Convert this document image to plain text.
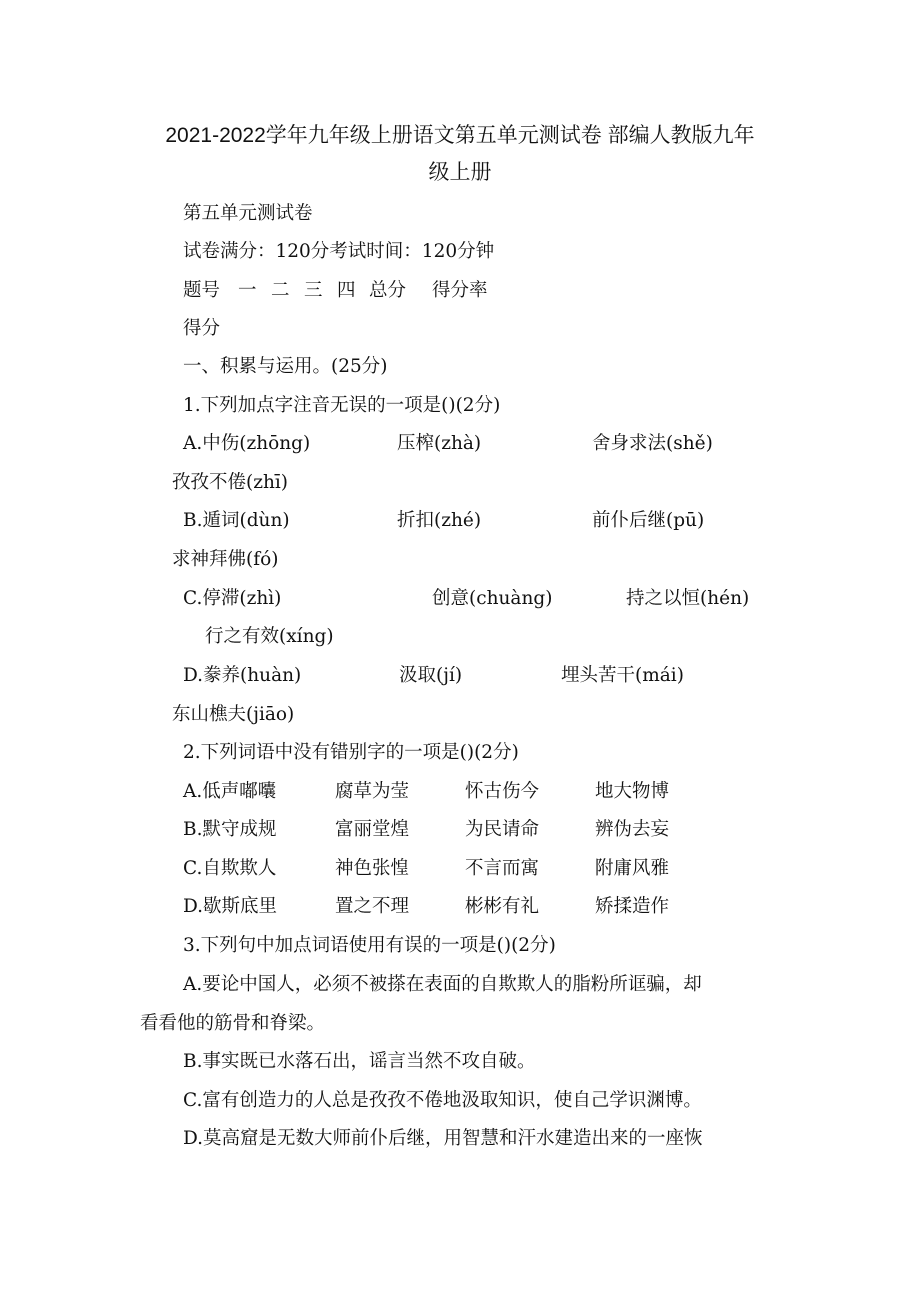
2021-2022学年九年级上册语文第五单元测试卷 部编人教版九年
级上册
第五单元测试卷
试卷满分：120分考试时间：120分钟
题号 一 二 三 四 总分 得分率
得分
一、积累与运用。(25分)
1.下列加点字注音无误的一项是()(2分)
A.中伤(zhōng)	压榨(zhà)	舍身求法(shě)
孜孜不倦(zhī)
B.遁词(dùn)	折扣(zhé)	前仆后继(pū)
求神拜佛(fó)
C.停滞(zhì)	创意(chuàng)	持之以恒(hén)
行之有效(xíng)
D.豢养(huàn)	汲取(jí)	埋头苦干(mái)
东山樵夫(jiāo)
2.下列词语中没有错别字的一项是()(2分)
A.低声嘟囔	腐草为莹	怀古伤今	地大物博
B.默守成规	富丽堂煌	为民请命	辨伪去妄
C.自欺欺人	神色张惶	不言而寓	附庸风雅
D.歇斯底里	置之不理	彬彬有礼	矫揉造作
3.下列句中加点词语使用有误的一项是()(2分)
A.要论中国人，必须不被搽在表面的自欺欺人的脂粉所诓骗，却
看看他的筋骨和脊梁。
B.事实既已水落石出，谣言当然不攻自破。
C.富有创造力的人总是孜孜不倦地汲取知识，使自己学识渊博。
D.莫高窟是无数大师前仆后继，用智慧和汗水建造出来的一座恢
